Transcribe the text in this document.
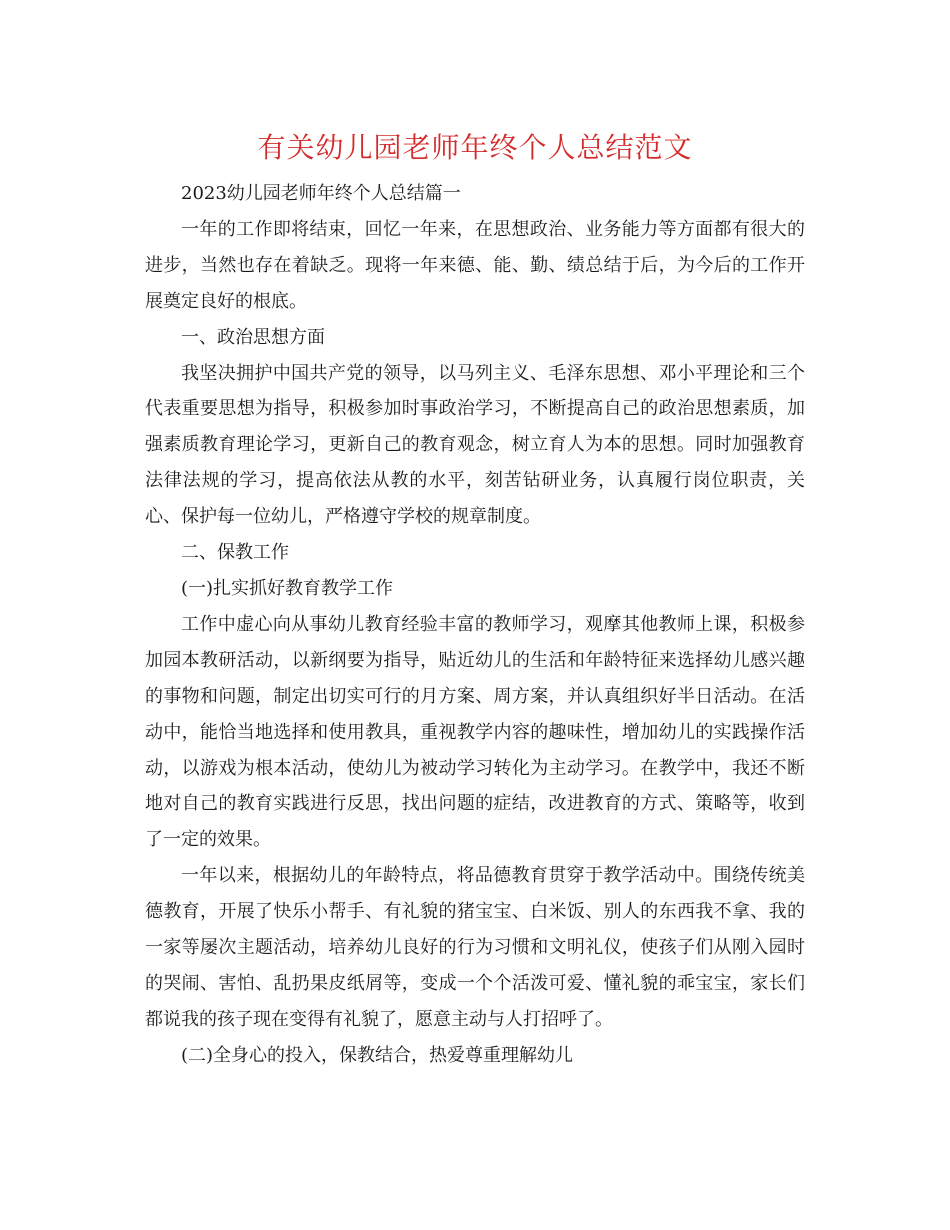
有关幼儿园老师年终个人总结范文

2023幼儿园老师年终个人总结篇一

一年的工作即将结束，回忆一年来，在思想政治、业务能力等方面都有很大的进步，当然也存在着缺乏。现将一年来德、能、勤、绩总结于后，为今后的工作开展奠定良好的根底。

一、政治思想方面

我坚决拥护中国共产党的领导，以马列主义、毛泽东思想、邓小平理论和三个代表重要思想为指导，积极参加时事政治学习，不断提高自己的政治思想素质，加强素质教育理论学习，更新自己的教育观念，树立育人为本的思想。同时加强教育法律法规的学习，提高依法从教的水平，刻苦钻研业务，认真履行岗位职责，关心、保护每一位幼儿，严格遵守学校的规章制度。

二、保教工作

(一)扎实抓好教育教学工作

工作中虚心向从事幼儿教育经验丰富的教师学习，观摩其他教师上课，积极参加园本教研活动，以新纲要为指导，贴近幼儿的生活和年龄特征来选择幼儿感兴趣的事物和问题，制定出切实可行的月方案、周方案，并认真组织好半日活动。在活动中，能恰当地选择和使用教具，重视教学内容的趣味性，增加幼儿的实践操作活动，以游戏为根本活动，使幼儿为被动学习转化为主动学习。在教学中，我还不断地对自己的教育实践进行反思，找出问题的症结，改进教育的方式、策略等，收到了一定的效果。

一年以来，根据幼儿的年龄特点，将品德教育贯穿于教学活动中。围绕传统美德教育，开展了快乐小帮手、有礼貌的猪宝宝、白米饭、别人的东西我不拿、我的一家等屡次主题活动，培养幼儿良好的行为习惯和文明礼仪，使孩子们从刚入园时的哭闹、害怕、乱扔果皮纸屑等，变成一个个活泼可爱、懂礼貌的乖宝宝，家长们都说我的孩子现在变得有礼貌了，愿意主动与人打招呼了。

(二)全身心的投入，保教结合，热爱尊重理解幼儿
